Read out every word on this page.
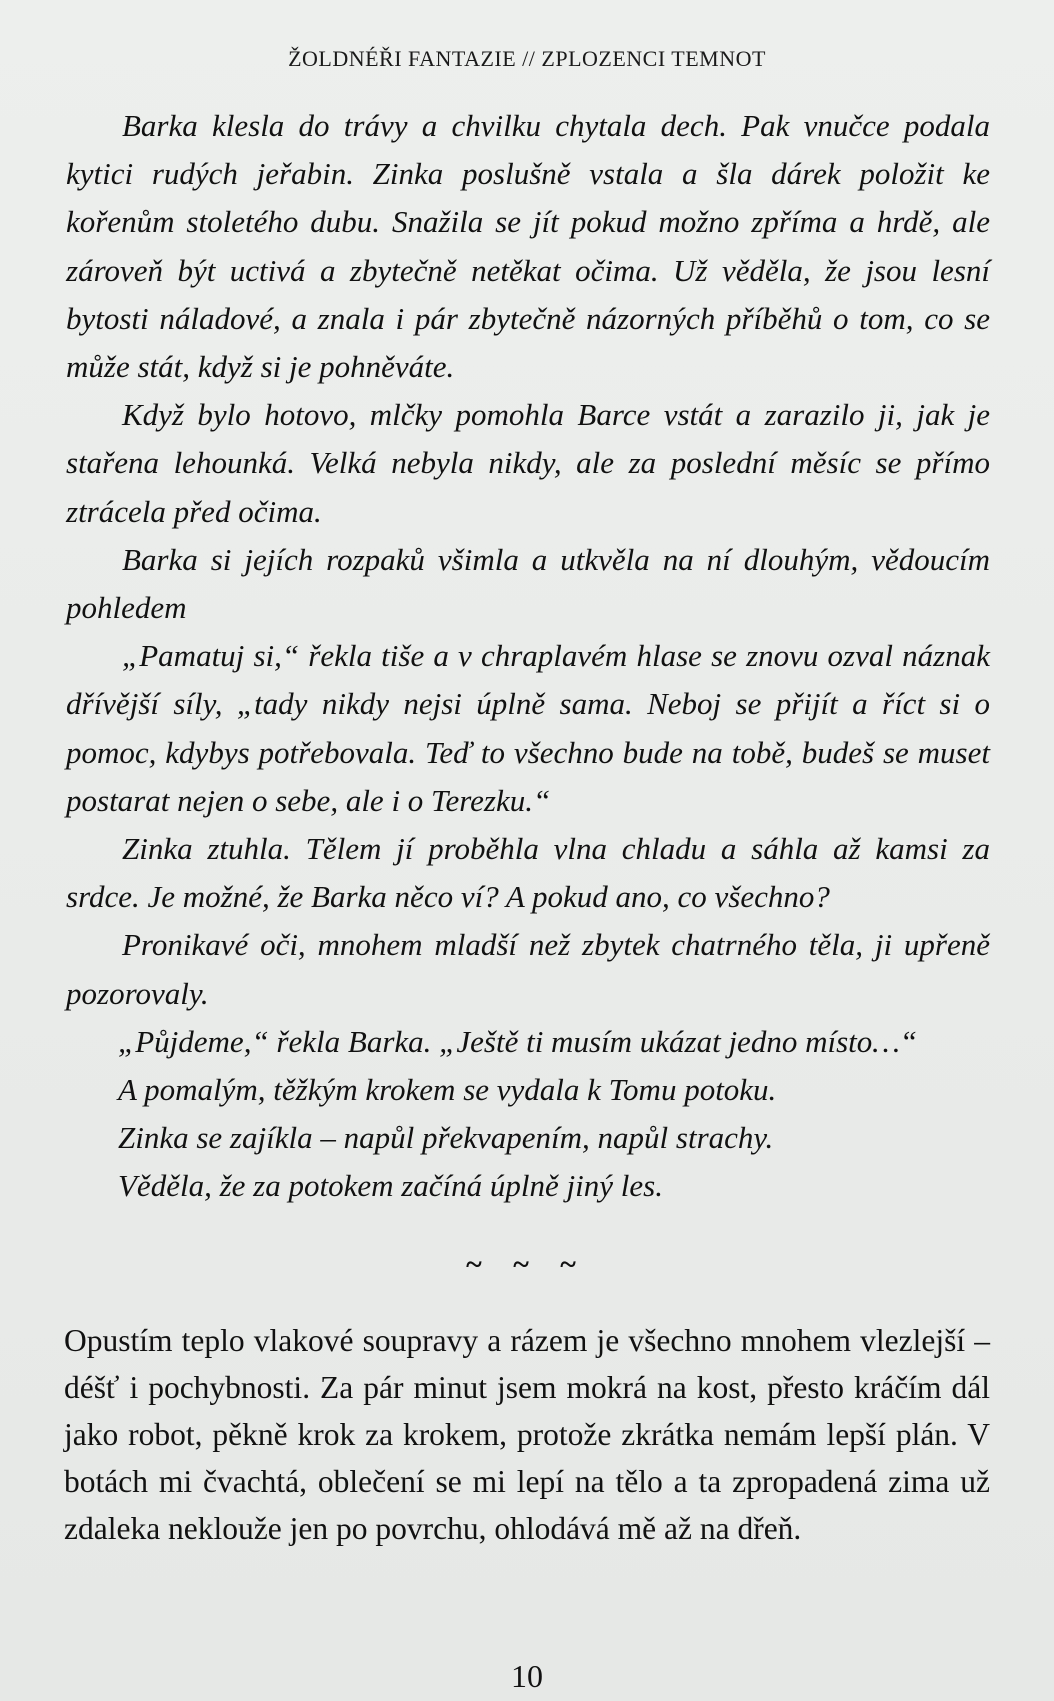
ŽOLDNÉŘI FANTAZIE // ZPLOZENCI TEMNOT

Barka klesla do trávy a chvilku chytala dech. Pak vnučce podala kytici rudých jeřabin. Zinka poslušně vstala a šla dárek položit ke kořenům stoletého dubu. Snažila se jít pokud možno zpříma a hrdě, ale zároveň být uctivá a zbytečně netěkat očima. Už věděla, že jsou lesní bytosti náladové, a znala i pár zbytečně názorných příběhů o tom, co se může stát, když si je pohněváte.

Když bylo hotovo, mlčky pomohla Barce vstát a zarazilo ji, jak je stařena lehounká. Velká nebyla nikdy, ale za poslední měsíc se přímo ztrácela před očima.

Barka si jejích rozpaků všimla a utkvěla na ní dlouhým, vědoucím pohledem

„Pamatuj si,“ řekla tiše a v chraplavém hlase se znovu ozval náznak dřívější síly, „tady nikdy nejsi úplně sama. Neboj se přijít a říct si o pomoc, kdybys potřebovala. Teď to všechno bude na tobě, budeš se muset postarat nejen o sebe, ale i o Terezku.“

Zinka ztuhla. Tělem jí proběhla vlna chladu a sáhla až kamsi za srdce. Je možné, že Barka něco ví? A pokud ano, co všechno?

Pronikavé oči, mnohem mladší než zbytek chatrného těla, ji upřeně pozorovaly.

„Půjdeme,“ řekla Barka. „Ještě ti musím ukázat jedno místo…“

A pomalým, těžkým krokem se vydala k Tomu potoku.

Zinka se zajíkla – napůl překvapením, napůl strachy.

Věděla, že za potokem začíná úplně jiný les.

~ ~ ~

Opustím teplo vlakové soupravy a rázem je všechno mnohem vlezlejší – déšť i pochybnosti. Za pár minut jsem mokrá na kost, přesto kráčím dál jako robot, pěkně krok za krokem, protože zkrátka nemám lepší plán. V botách mi čvachtá, oblečení se mi lepí na tělo a ta zpropadená zima už zdaleka neklouže jen po povrchu, ohlodává mě až na dřeň.

10
